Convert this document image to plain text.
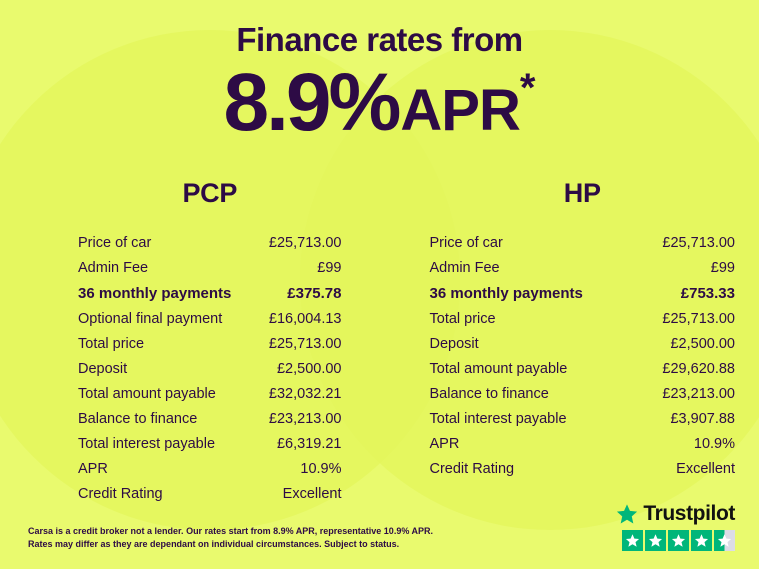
Finance rates from
8.9%APR*
PCP
Price of car	£25,713.00
Admin Fee	£99
36 monthly payments	£375.78
Optional final payment	£16,004.13
Total price	£25,713.00
Deposit	£2,500.00
Total amount payable	£32,032.21
Balance to finance	£23,213.00
Total interest payable	£6,319.21
APR	10.9%
Credit Rating	Excellent
HP
Price of car	£25,713.00
Admin Fee	£99
36 monthly payments	£753.33
Total price	£25,713.00
Deposit	£2,500.00
Total amount payable	£29,620.88
Balance to finance	£23,213.00
Total interest payable	£3,907.88
APR	10.9%
Credit Rating	Excellent
Carsa is a credit broker not a lender. Our rates start from 8.9% APR, representative 10.9% APR.
Rates may differ as they are dependant on individual circumstances. Subject to status.
Trustpilot
